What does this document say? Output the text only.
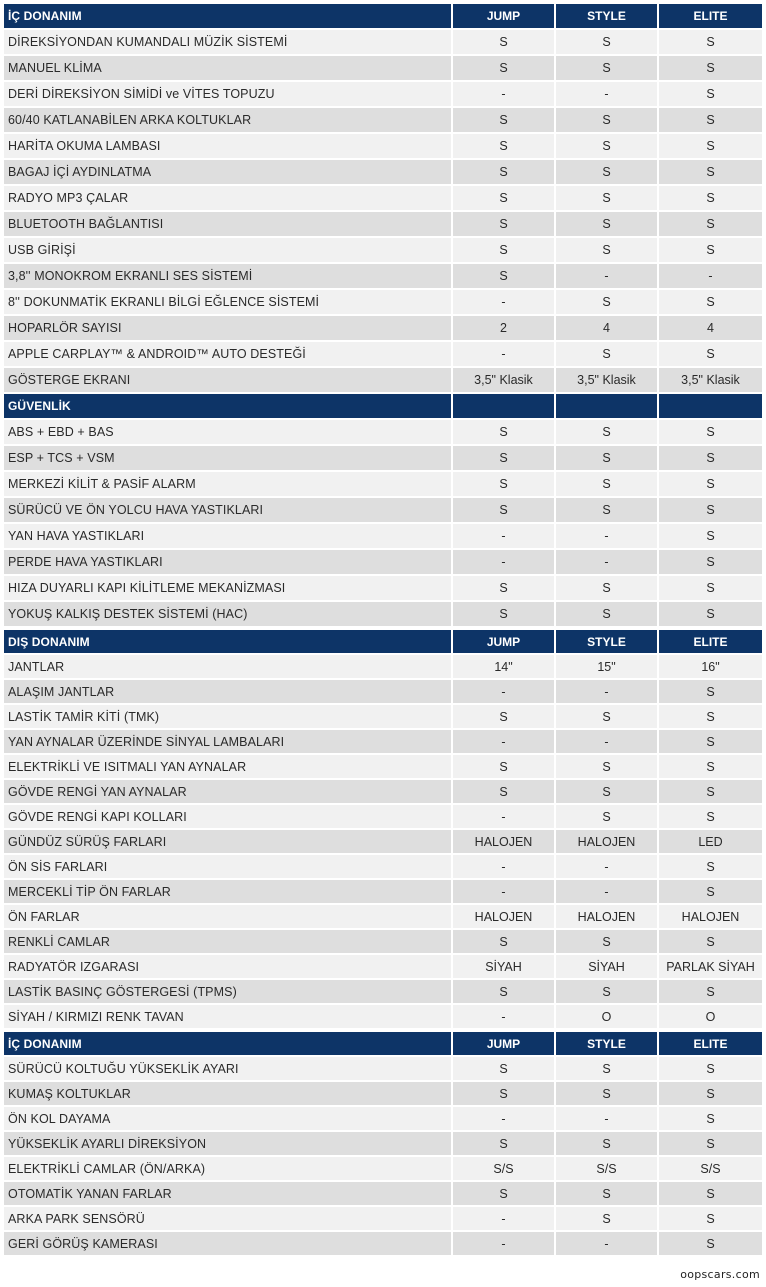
İÇ DONANIM	JUMP	STYLE	ELITE
DİREKSİYONDAN KUMANDALI MÜZİK SİSTEMİ	S	S	S
MANUEL KLİMA	S	S	S
DERİ DİREKSİYON SİMİDİ ve VİTES TOPUZU	-	-	S
60/40 KATLANABİLEN ARKA KOLTUKLAR	S	S	S
HARİTA OKUMA LAMBASI	S	S	S
BAGAJ İÇİ AYDINLATMA	S	S	S
RADYO MP3 ÇALAR	S	S	S
BLUETOOTH BAĞLANTISI	S	S	S
USB GİRİŞİ	S	S	S
3,8'' MONOKROM EKRANLI SES SİSTEMİ	S	-	-
8'' DOKUNMATİK EKRANLI BİLGİ EĞLENCE SİSTEMİ	-	S	S
HOPARLÖR SAYISI	2	4	4
APPLE CARPLAY™ & ANDROID™ AUTO DESTEĞİ	-	S	S
GÖSTERGE EKRANI	3,5" Klasik	3,5" Klasik	3,5" Klasik
GÜVENLİK
ABS + EBD + BAS	S	S	S
ESP + TCS + VSM	S	S	S
MERKEZİ KİLİT & PASİF ALARM	S	S	S
SÜRÜCÜ VE ÖN YOLCU HAVA YASTIKLARI	S	S	S
YAN HAVA YASTIKLARI	-	-	S
PERDE HAVA YASTIKLARI	-	-	S
HIZA DUYARLI KAPI KİLİTLEME MEKANİZMASI	S	S	S
YOKUŞ KALKIŞ DESTEK SİSTEMİ (HAC)	S	S	S
DIŞ DONANIM	JUMP	STYLE	ELITE
JANTLAR	14"	15"	16"
ALAŞIM JANTLAR	-	-	S
LASTİK TAMİR KİTİ (TMK)	S	S	S
YAN AYNALAR ÜZERİNDE SİNYAL LAMBALARI	-	-	S
ELEKTRİKLİ VE ISITMALI YAN AYNALAR	S	S	S
GÖVDE RENGİ YAN AYNALAR	S	S	S
GÖVDE RENGİ KAPI KOLLARI	-	S	S
GÜNDÜZ SÜRÜŞ FARLARI	HALOJEN	HALOJEN	LED
ÖN SİS FARLARI	-	-	S
MERCEKLİ TİP ÖN FARLAR	-	-	S
ÖN FARLAR	HALOJEN	HALOJEN	HALOJEN
RENKLİ CAMLAR	S	S	S
RADYATÖR IZGARASI	SİYAH	SİYAH	PARLAK SİYAH
LASTİK BASINÇ GÖSTERGESİ (TPMS)	S	S	S
SİYAH / KIRMIZI RENK TAVAN	-	O	O
İÇ DONANIM	JUMP	STYLE	ELITE
SÜRÜCÜ KOLTUĞU YÜKSEKLİK AYARI	S	S	S
KUMAŞ KOLTUKLAR	S	S	S
ÖN KOL DAYAMA	-	-	S
YÜKSEKLİK AYARLI DİREKSİYON	S	S	S
ELEKTRİKLİ CAMLAR (ÖN/ARKA)	S/S	S/S	S/S
OTOMATİK YANAN FARLAR	S	S	S
ARKA PARK SENSÖRÜ	-	S	S
GERİ GÖRÜŞ KAMERASI	-	-	S
oopscars.com
